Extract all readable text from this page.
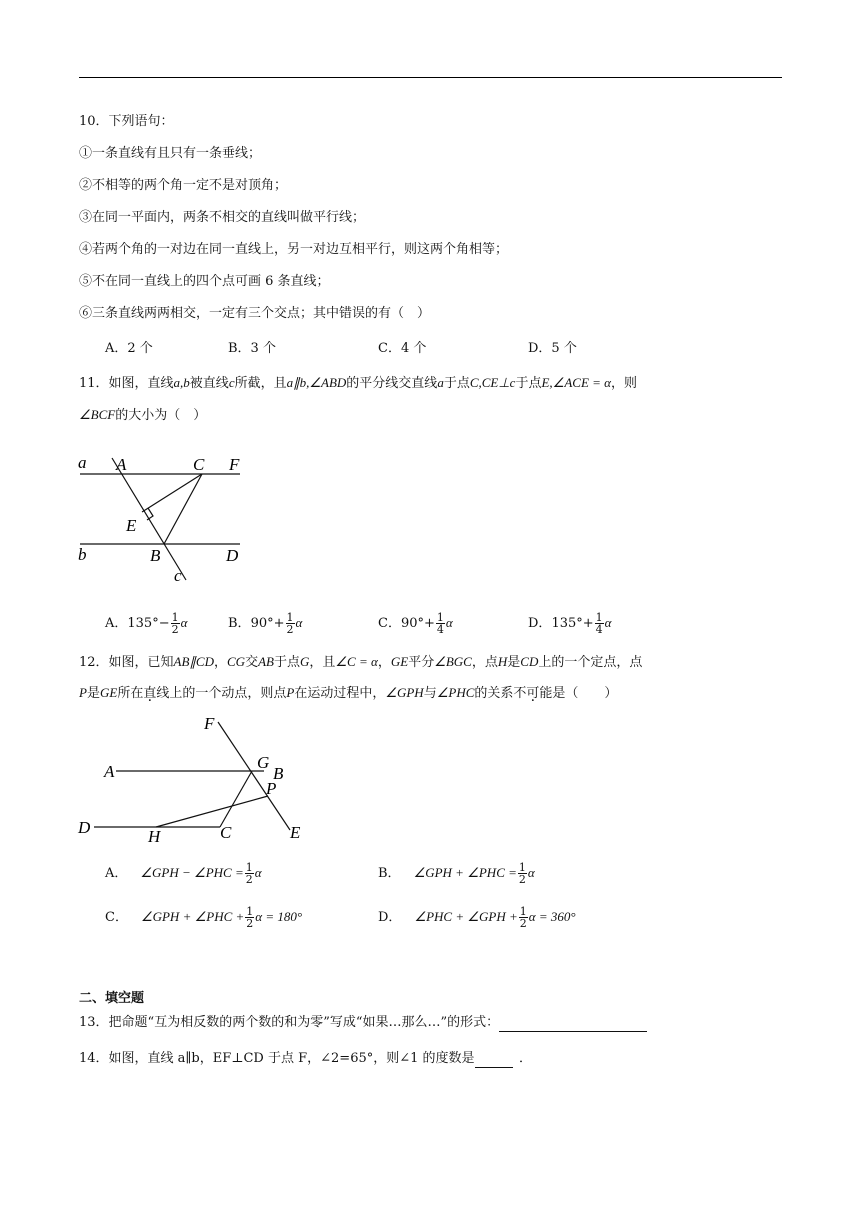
10．下列语句：
①一条直线有且只有一条垂线；
②不相等的两个角一定不是对顶角；
③在同一平面内，两条不相交的直线叫做平行线；
④若两个角的一对边在同一直线上，另一对边互相平行，则这两个角相等；
⑤不在同一直线上的四个点可画 6 条直线；
⑥三条直线两两相交，一定有三个交点；其中错误的有（　）
A．2 个	B．3 个	C．4 个	D．5 个
11．如图，直线a,b被直线c所截，且a∥b,∠ABD的平分线交直线a于点C,CE⊥c于点E,∠ACE = α，则
∠BCF的大小为（　）
a A	C F
E
b	B	D
c
A．$135^\circ- \frac{1}{2}$ α	B．$90^\circ+ \frac{1}{2}$ α	C．$90^\circ+ \frac{1}{4}$ α	D．$135^\circ+ \frac{1}{4}$ α
12．如图，已知AB∥CD，CG交AB于点G，且∠C = α，GE平分∠BGC，点H是CD上的一个定点，点
P是GE所在直线上的一个动点，则点P在运动过程中，∠GPH与∠PHC的关系不可能是（　　）
F
A	G
B
P
D	H	C	E
A．  ∠GPH − ∠PHC = $\frac{1}{2}$ α	B．  ∠GPH + ∠PHC = $\frac{1}{2}$ α
C．  ∠GPH + ∠PHC + $\frac{1}{2}$ α = 180°	D．  ∠PHC + ∠GPH + $\frac{1}{2}$ α = 360°
二、填空题
13．把命题“互为相反数的两个数的和为零”写成“如果…那么…”的形式：
14．如图，直线 a∥b，EF⊥CD 于点 F，∠2=65°，则∠1 的度数是 	．
